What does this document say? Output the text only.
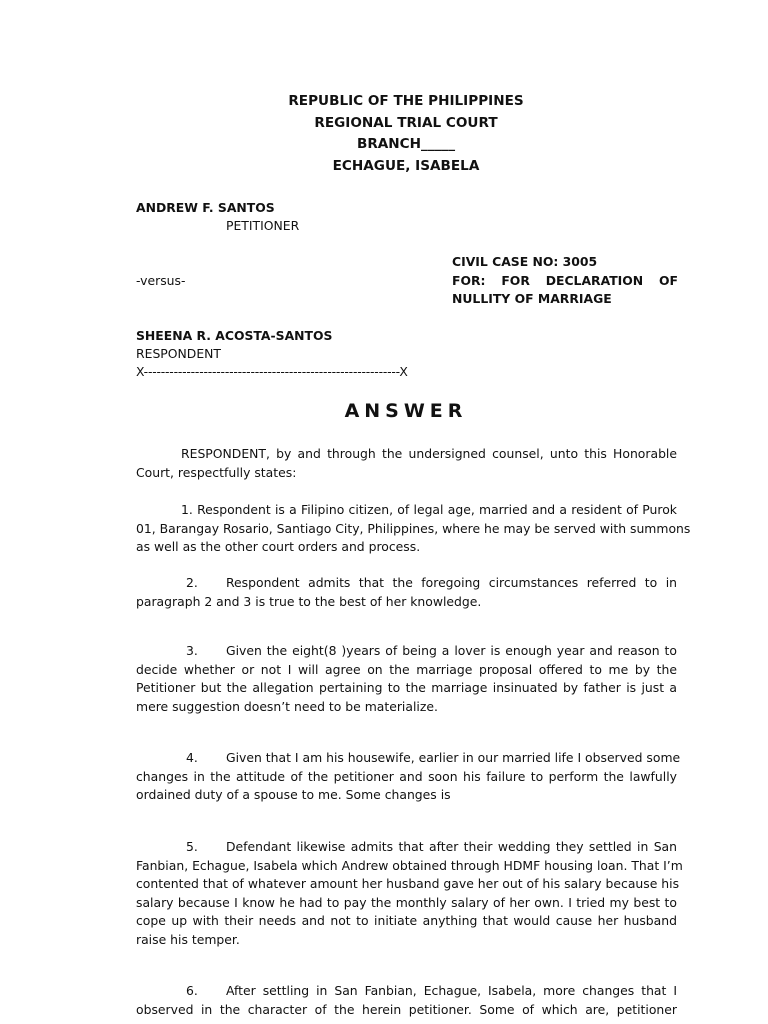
REPUBLIC OF THE PHILIPPINES
REGIONAL TRIAL COURT
BRANCH_____
ECHAGUE, ISABELA
ANDREW F. SANTOS
PETITIONER
CIVIL CASE NO: 3005
-versus-	FOR: FOR DECLARATION OF
NULLITY OF MARRIAGE
SHEENA R. ACOSTA-SANTOS
RESPONDENT
X------------------------------------------------------------X
ANSWER
RESPONDENT, by and through the undersigned counsel, unto this Honorable
Court, respectfully states:
1. Respondent is a Filipino citizen, of legal age, married and a resident of Purok
01, Barangay Rosario, Santiago City, Philippines, where he may be served with summons
as well as the other court orders and process.
2. Respondent admits that the foregoing circumstances referred to in
paragraph 2 and 3 is true to the best of her knowledge.
3. Given the eight(8 )years of being a lover is enough year and reason to
decide whether or not I will agree on the marriage proposal offered to me by the
Petitioner but the allegation pertaining to the marriage insinuated by father is just a
mere suggestion doesn’t need to be materialize.
4. Given that I am his housewife, earlier in our married life I observed some
changes in the attitude of the petitioner and soon his failure to perform the lawfully
ordained duty of a spouse to me. Some changes is
5. Defendant likewise admits that after their wedding they settled in San
Fanbian, Echague, Isabela which Andrew obtained through HDMF housing loan. That I’m
contented that of whatever amount her husband gave her out of his salary because his
salary because I know he had to pay the monthly salary of her own. I tried my best to
cope up with their needs and not to initiate anything that would cause her husband
raise his temper.
6. After settling in San Fanbian, Echague, Isabela, more changes that I
observed in the character of the herein petitioner. Some of which are, petitioner
